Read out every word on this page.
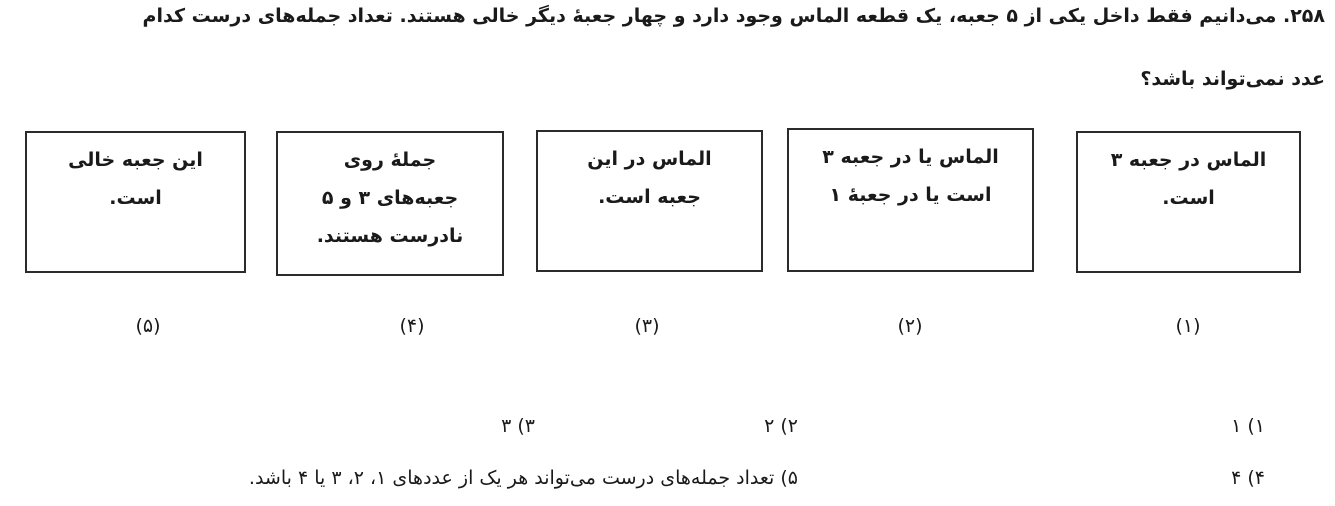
۲۵۸. می‌دانیم فقط داخل یکی از ۵ جعبه، یک قطعه الماس وجود دارد و چهار جعبهٔ دیگر خالی هستند. تعداد جمله‌های درست کدام
عدد نمی‌تواند باشد؟
الماس در جعبه ۳
است.
الماس یا در جعبه ۳
است یا در جعبهٔ ۱
الماس در این
جعبه است.
جملهٔ روی
جعبه‌های ۳ و ۵
نادرست هستند.
این جعبه خالی
است.
(۱)
(۲)
(۳)
(۴)
(۵)
۱) ۱
۲) ۲
۳) ۳
۴) ۴
۵) تعداد جمله‌های درست می‌تواند هر یک از عددهای ۱، ۲، ۳ یا ۴ باشد.
